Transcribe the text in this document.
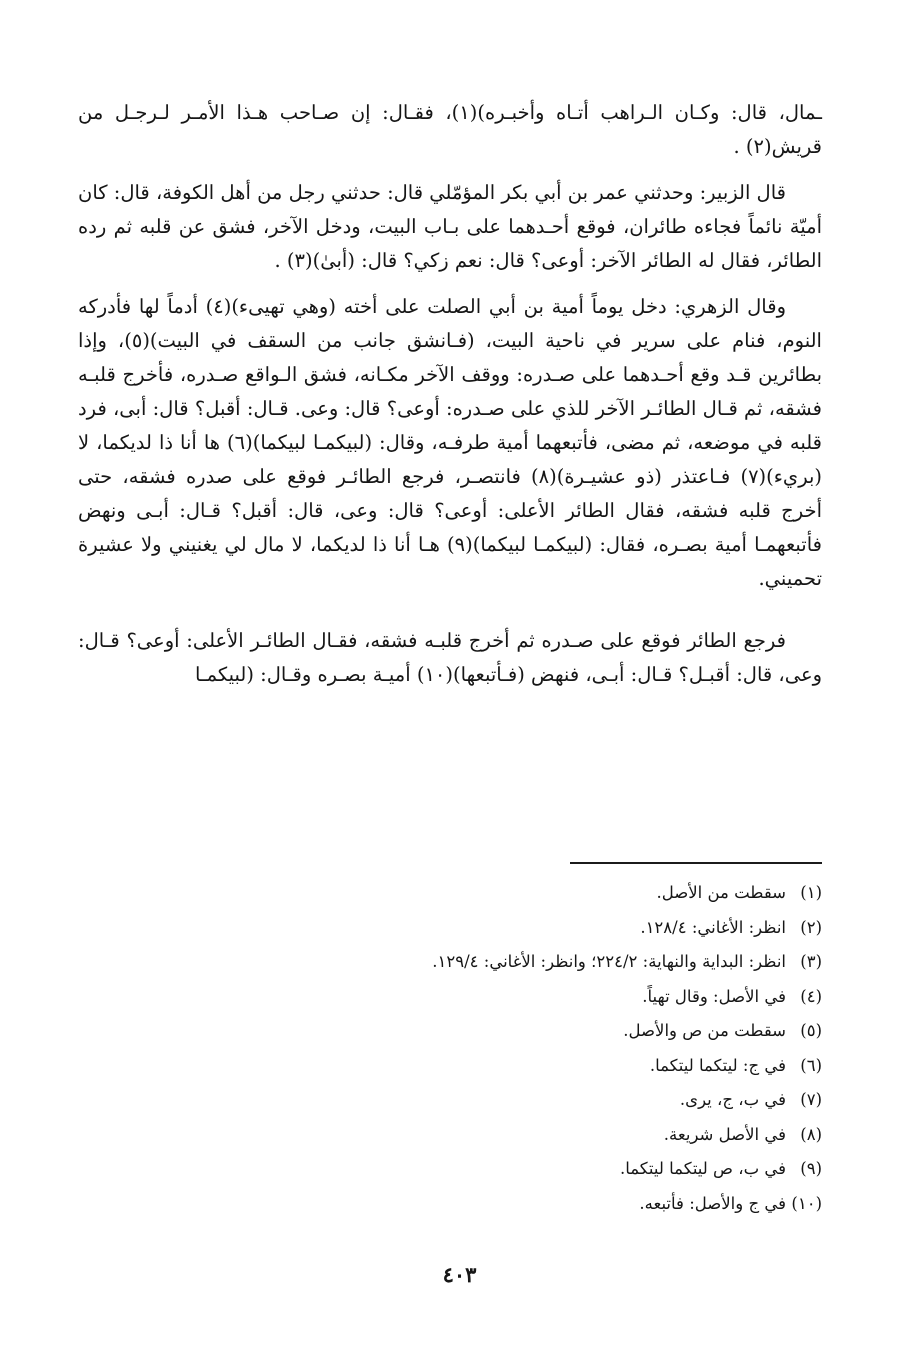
ـمال، قال: وكـان الـراهب أتـاه وأخبـره)(١)، فقـال: إن صـاحب هـذا الأمـر لـرجـل من قريش(٢) .

قال الزبير: وحدثني عمر بن أبي بكر المؤمّلي قال: حدثني رجل من أهل الكوفة، قال: كان أميّة نائماً فجاءه طائران، فوقع أحـدهما على بـاب البيت، ودخل الآخر، فشق عن قلبه ثم رده الطائر، فقال له الطائر الآخر: أوعى؟ قال: نعم زكي؟ قال: (أبىٰ)(٣) .

وقال الزهري: دخل يوماً أمية بن أبي الصلت على أخته (وهي تهيىء)(٤) أدماً لها فأدركه النوم، فنام على سرير في ناحية البيت، (فـانشق جانب من السقف في البيت)(٥)، وإذا بطائرين قـد وقع أحـدهما على صـدره: ووقف الآخر مكـانه، فشق الـواقع صـدره، فأخرج قلبـه فشقه، ثم قـال الطائـر الآخر للذي على صـدره: أوعى؟ قال: وعى. قـال: أقبل؟ قال: أبى، فرد قلبه في موضعه، ثم مضى، فأتبعهما أمية طرفـه، وقال: (لبيكمـا لبيكما)(٦) ها أنا ذا لديكما، لا (بريء)(٧) فـاعتذر (ذو عشيـرة)(٨) فانتصـر، فرجع الطائـر فوقع على صدره فشقه، حتى أخرج قلبه فشقه، فقال الطائر الأعلى: أوعى؟ قال: وعى، قال: أقبل؟ قـال: أبـى ونهض فأتبعهمـا أمية بصـره، فقال: (لبيكمـا لبيكما)(٩) هـا أنا ذا لديكما، لا مال لي يغنيني ولا عشيرة تحميني.

فرجع الطائر فوقع على صـدره ثم أخرج قلبـه فشقه، فقـال الطائـر الأعلى: أوعى؟ قـال: وعى، قال: أقبـل؟ قـال: أبـى، فنهض (فـأتبعها)(١٠) أميـة بصـره وقـال: (لبيكمـا

(١)
سقطت من الأصل.
(٢)
انظر: الأغاني: ١٢٨/٤.
(٣)
انظر: البداية والنهاية: ٢٢٤/٢؛ وانظر: الأغاني: ١٢٩/٤.
(٤)
في الأصل: وقال تهياً.
(٥)
سقطت من ص والأصل.
(٦)
في ج: ليتكما ليتكما.
(٧)
في ب، ج، يرى.
(٨)
في الأصل شريعة.
(٩)
في ب، ص ليتكما ليتكما.
(١٠)
في ج والأصل: فأتبعه.
٤٠٣
